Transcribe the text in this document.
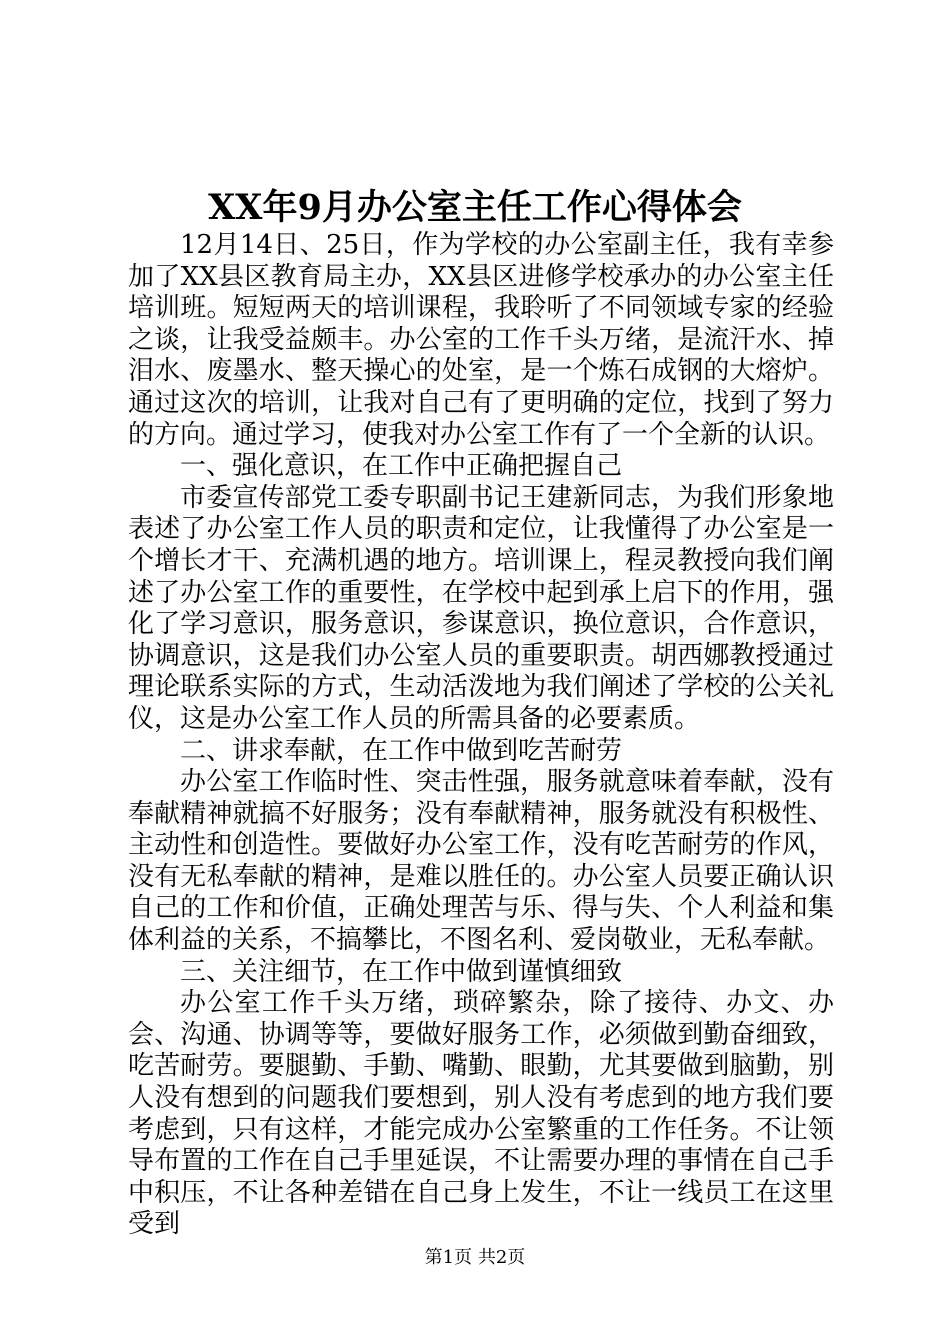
XX年9月办公室主任工作心得体会

12月14日、25日，作为学校的办公室副主任，我有幸参加了XX县区教育局主办，XX县区进修学校承办的办公室主任培训班。短短两天的培训课程，我聆听了不同领域专家的经验之谈，让我受益颇丰。办公室的工作千头万绪，是流汗水、掉泪水、废墨水、整天操心的处室，是一个炼石成钢的大熔炉。通过这次的培训，让我对自己有了更明确的定位，找到了努力的方向。通过学习，使我对办公室工作有了一个全新的认识。

一、强化意识，在工作中正确把握自己

市委宣传部党工委专职副书记王建新同志，为我们形象地表述了办公室工作人员的职责和定位，让我懂得了办公室是一个增长才干、充满机遇的地方。培训课上，程灵教授向我们阐述了办公室工作的重要性，在学校中起到承上启下的作用，强化了学习意识，服务意识，参谋意识，换位意识，合作意识，协调意识，这是我们办公室人员的重要职责。胡西娜教授通过理论联系实际的方式，生动活泼地为我们阐述了学校的公关礼仪，这是办公室工作人员的所需具备的必要素质。

二、讲求奉献，在工作中做到吃苦耐劳

办公室工作临时性、突击性强，服务就意味着奉献，没有奉献精神就搞不好服务；没有奉献精神，服务就没有积极性、主动性和创造性。要做好办公室工作，没有吃苦耐劳的作风，没有无私奉献的精神，是难以胜任的。办公室人员要正确认识自己的工作和价值，正确处理苦与乐、得与失、个人利益和集体利益的关系，不搞攀比，不图名利、爱岗敬业，无私奉献。

三、关注细节，在工作中做到谨慎细致

办公室工作千头万绪，琐碎繁杂，除了接待、办文、办会、沟通、协调等等，要做好服务工作，必须做到勤奋细致，吃苦耐劳。要腿勤、手勤、嘴勤、眼勤，尤其要做到脑勤，别人没有想到的问题我们要想到，别人没有考虑到的地方我们要考虑到，只有这样，才能完成办公室繁重的工作任务。不让领导布置的工作在自己手里延误，不让需要办理的事情在自己手中积压，不让各种差错在自己身上发生，不让一线员工在这里受到

第1页 共2页
